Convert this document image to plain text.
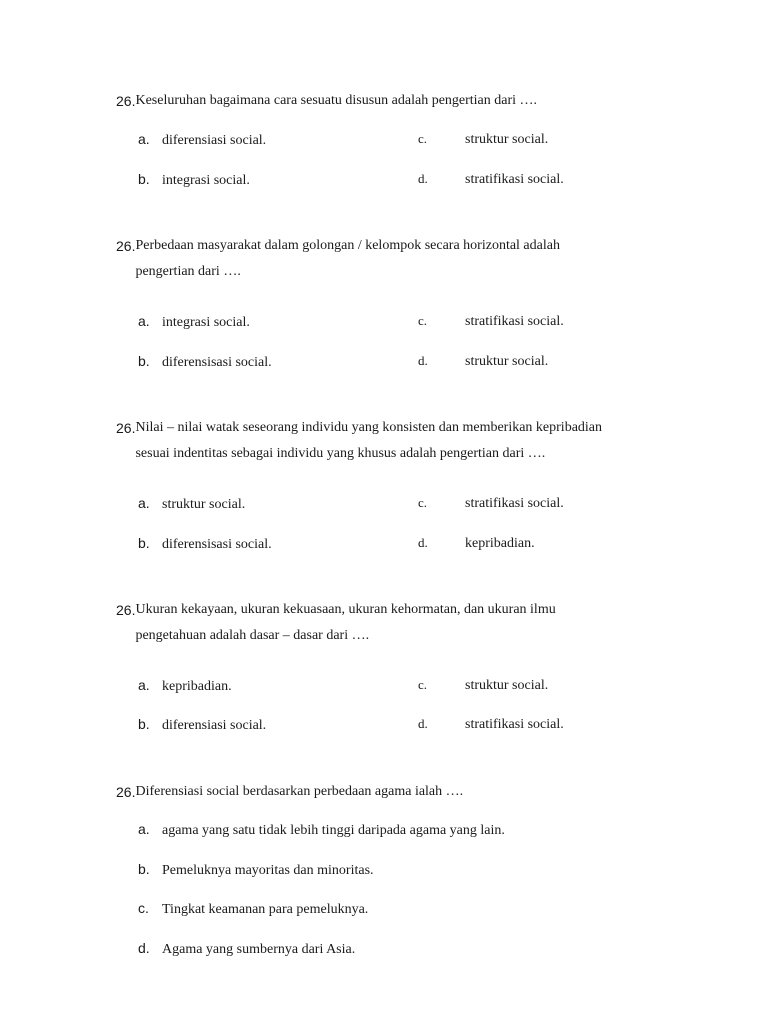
26. Keseluruhan bagaimana cara sesuatu disusun adalah pengertian dari ….
a. diferensiasi social.	c.	struktur social.
b. integrasi social.	d.	stratifikasi social.
26. Perbedaan masyarakat dalam golongan / kelompok secara horizontal adalah
pengertian dari ….
a. integrasi social.	c.	stratifikasi social.
b. diferensisasi social.	d.	struktur social.
26. Nilai – nilai watak seseorang individu yang konsisten dan memberikan kepribadian
sesuai indentitas sebagai individu yang khusus adalah pengertian dari ….
a. struktur social.	c.	stratifikasi social.
b. diferensisasi social.	d.	kepribadian.
26. Ukuran kekayaan, ukuran kekuasaan, ukuran kehormatan, dan ukuran ilmu
pengetahuan adalah dasar – dasar dari ….
a. kepribadian.	c.	struktur social.
b. diferensiasi social.	d.	stratifikasi social.
26. Diferensiasi social berdasarkan perbedaan agama ialah ….
a. agama yang satu tidak lebih tinggi daripada agama yang lain.
b. Pemeluknya mayoritas dan minoritas.
c. Tingkat keamanan para pemeluknya.
d. Agama yang sumbernya dari Asia.
